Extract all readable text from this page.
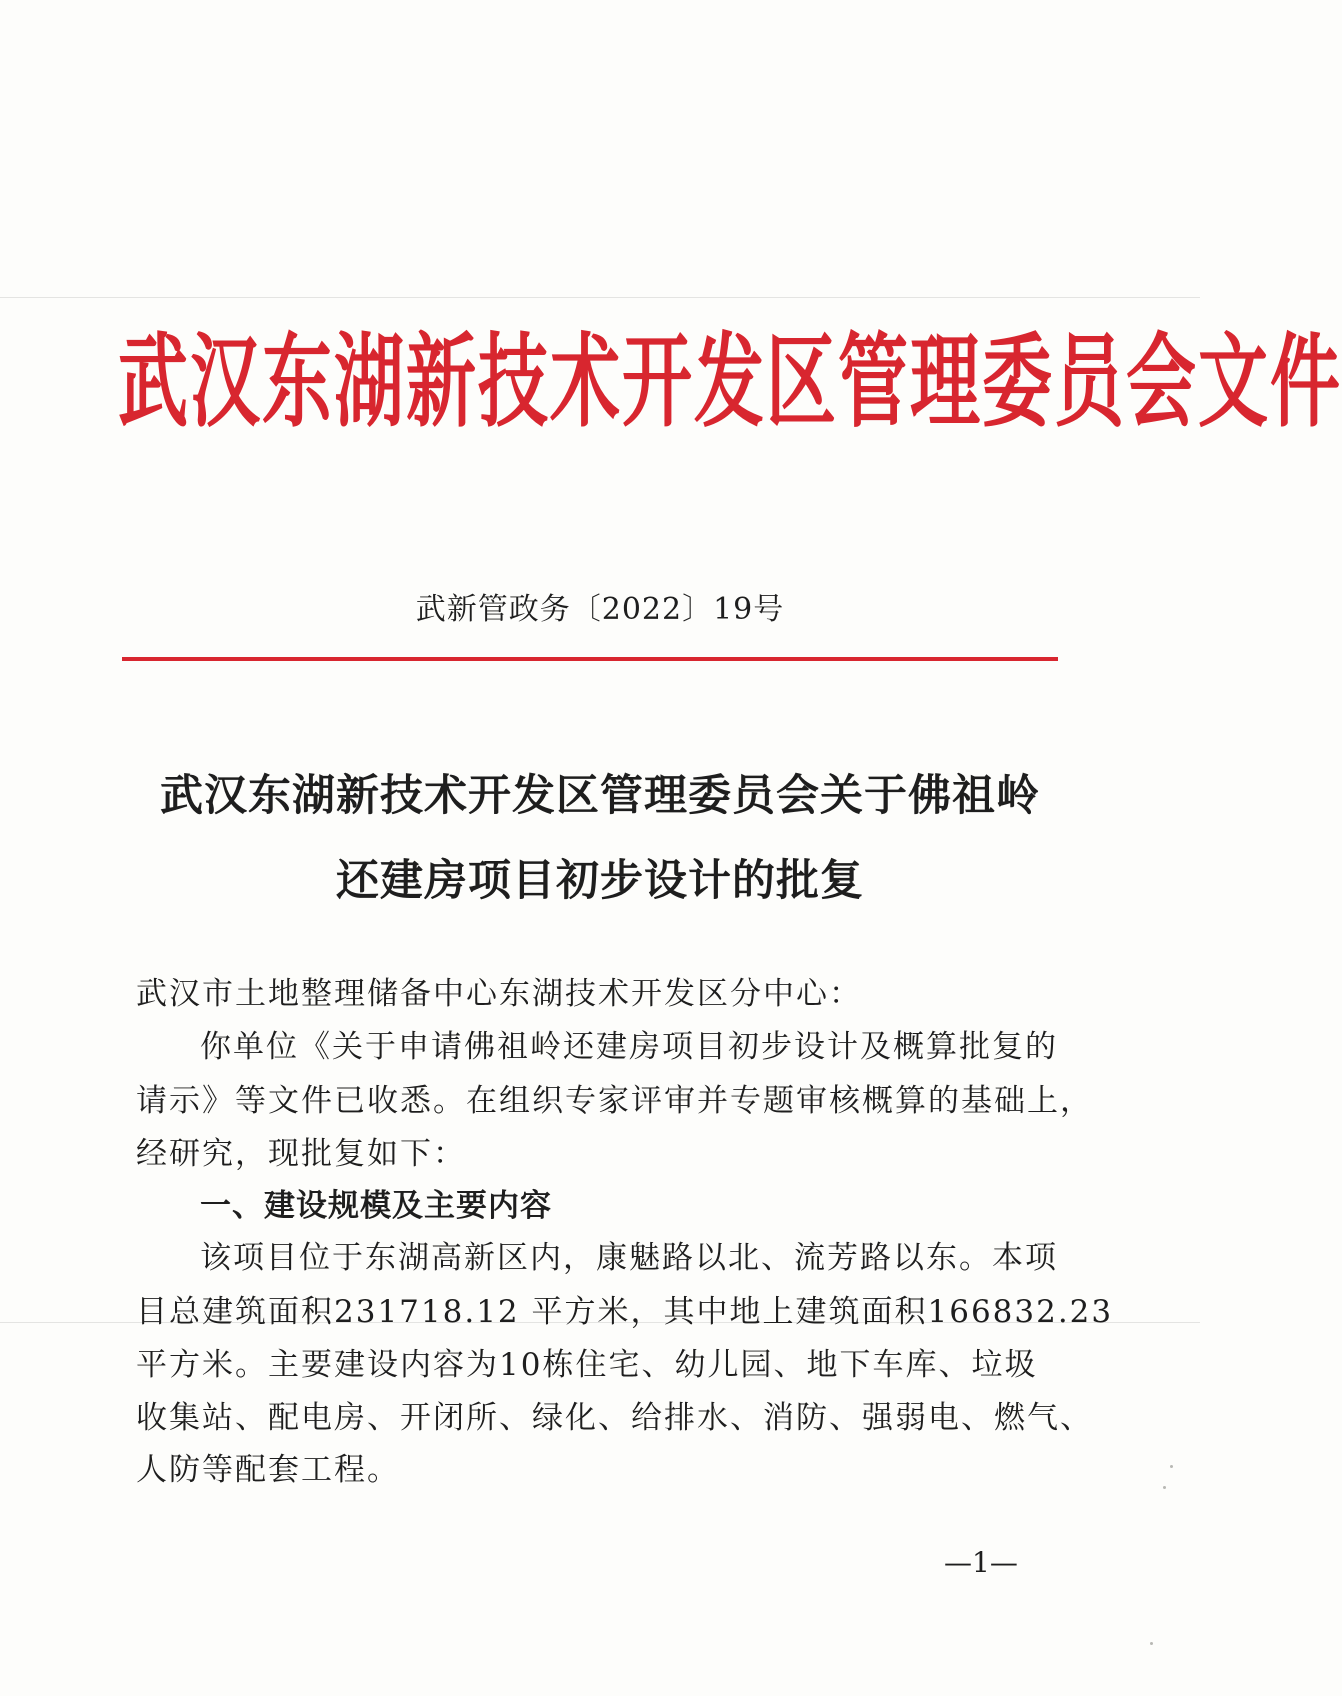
武汉东湖新技术开发区管理委员会文件
武新管政务〔2022〕19号
武汉东湖新技术开发区管理委员会关于佛祖岭
还建房项目初步设计的批复
武汉市土地整理储备中心东湖技术开发区分中心：
你单位《关于申请佛祖岭还建房项目初步设计及概算批复的
请示》等文件已收悉。在组织专家评审并专题审核概算的基础上，
经研究，现批复如下：
一、建设规模及主要内容
该项目位于东湖高新区内，康魅路以北、流芳路以东。本项
目总建筑面积231718.12 平方米，其中地上建筑面积166832.23
平方米。主要建设内容为10栋住宅、幼儿园、地下车库、垃圾
收集站、配电房、开闭所、绿化、给排水、消防、强弱电、燃气、
人防等配套工程。
—1—
